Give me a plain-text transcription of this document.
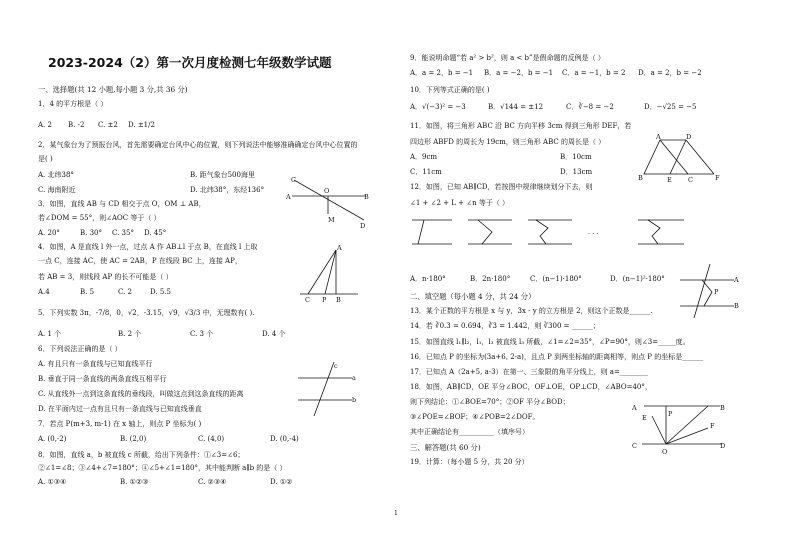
2023-2024（2）第一次月度检测七年级数学试题
一、选择题(共 12 小题,每小题 3 分,共 36 分)
1．4 的平方根是（ ）
A. 2 B. -2 C. ±2 D. ±1/2
2．某气象台为了预报台风，首先需要确定台风中心的位置，则下列说法中能够准确确定台风中心位置的
是( )
A. 北纬38°	B. 距气象台500海里
C. 海南附近	D. 北纬38°，东经136°
3．如图，直线 AB 与 CD 相交于点 O，OM ⊥ AB，
若∠DOM = 55°，则∠AOC 等于（ ）
A. 20°	B. 30° C. 35° D. 45°
C
A
O
B
M
D
4．如图，A 是直线 l 外一点，过点 A 作 AB⊥l 于点 B，在直线 l 上取
一点 C，连接 AC，使 AC = 2AB，P 在线段 BC 上，连接 AP，
若 AB = 3，则线段 AP 的长不可能是（ ）
A.4	B. 5	C. 2	D. 5.5
A
C P B
5．下列实数 3π，-7/8，0，√2，-3.15，√9，√3/3 中，无理数有( ).
A. 1 个	B. 2 个	C. 3 个	D. 4 个
6．下列说法正确的是（ ）
A. 有且只有一条直线与已知直线平行
B. 垂直于同一条直线的两条直线互相平行
C. 从直线外一点到这条直线的垂线段，叫做这点到这条直线的距离
D. 在平面内过一点有且只有一条直线与已知直线垂直
a
b
c
7．若点 P(m+3, m-1) 在 x 轴上，则点 P 坐标为( )
A. (0,-2)	B. (2,0)	C. (4,0)	D. (0,-4)
8．如图，直线 a，b 被直线 c 所截，给出下列条件：①∠3=∠6；
②∠1=∠8；③∠4+∠7=180°；④∠5+∠1=180°，其中能判断 a∥b 的是（ ）
A. ①③④	B. ①②③	C. ②③④	D. ①②
9．能说明命题“若 a² > b²，则 a < b”是假命题的反例是（ ）
A．a = 2，b = −1 B．a = −2，b = −1 C．a = −1，b = 2 D．a = 2，b = −2
10．下列等式正确的是( )
A．√(−3)² = −3	B．√144 = ±12	C．∛−8 = −2	D．−√25 = −5
11．如图，将三角形 ABC 沿 BC 方向平移 3cm 得到三角形 DEF，若
四边形 ABFD 的周长为 19cm，则三角形 ABC 的周长是（ ）
A．9cm	B．10cm
C．11cm	D．13cm
A	D
B	E	C	F
12．如图，已知 AB∥CD，若按图中规律继续划分下去，则
∠1 + ∠2 + L + ∠n 等于（ ）
· · ·
A．n·180°	B．2n·180°	C．(n−1)·180°	D．(n−1)²·180°	A
B
P
二、填空题（每小题 4 分，共 24 分）
13．某个正数的平方根是 x 与 y，3x - y 的立方根是 2，则这个正数是______.
14．若 ∛0.3 = 0.694，∛3 = 1.442，则 ∛300 = ______；
15．如图直线 l₁∥l₂，l₁，l₂ 被直线 l₃ 所截，∠1=∠2=35°，∠P=90°，则∠3=_____度。
16．已知点 P 的坐标为(3a+6, 2-a)，且点 P 到两坐标轴的距离相等，则点 P 的坐标是______
17．已知点 A（2a+5, a-3）在第一、三象限的角平分线上，则 a=________
18．如图，AB∥CD，OE 平分∠BOC，OF⊥OE，OP⊥CD，∠ABO=40°，
则下列结论：①∠BOE=70°；②OF 平分∠BOD；
③∠POE=∠BOF；④∠POB=2∠DOF。
其中正确结论有__________（填序号）
A	B
E	P
F
C
O
D
三、解答题(共 60 分)
19．计算：（每小题 5 分，共 20 分）
1
